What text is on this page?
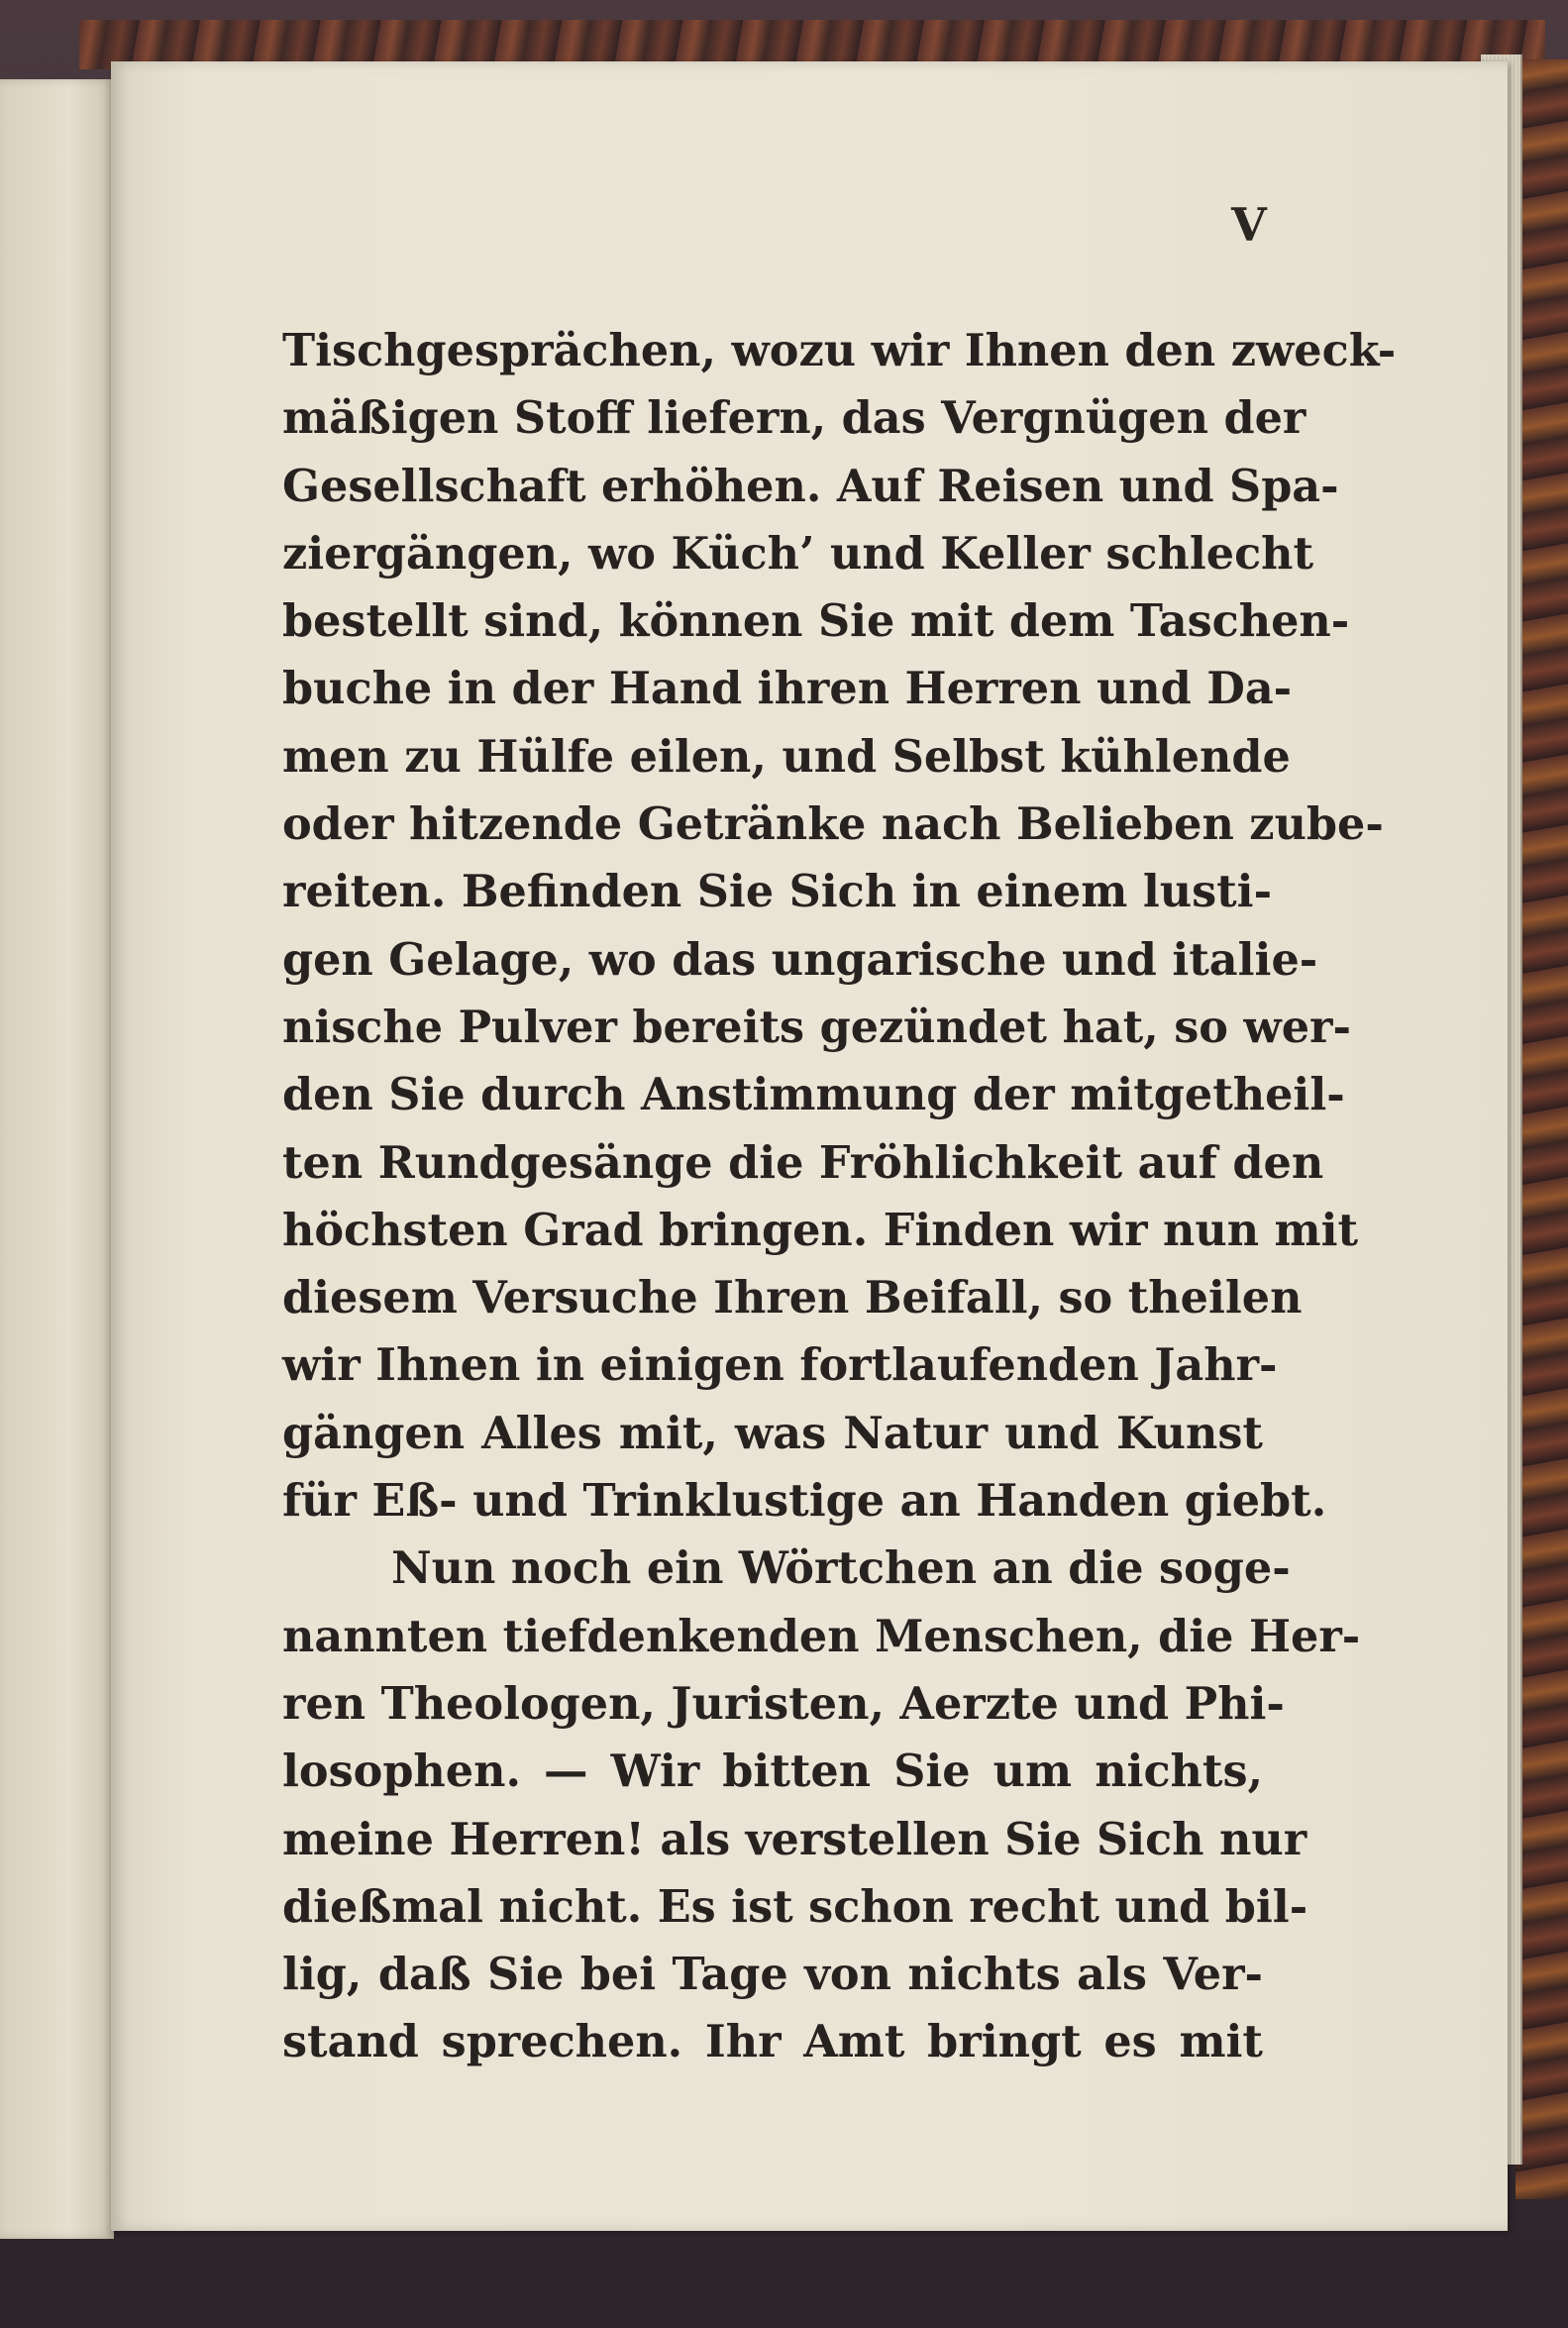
V
Tischgesprächen, wozu wir Ihnen den zweck-
mäßigen Stoff liefern, das Vergnügen der
Gesellschaft erhöhen. Auf Reisen und Spa-
ziergängen, wo Küch’ und Keller schlecht
bestellt sind, können Sie mit dem Taschen-
buche in der Hand ihren Herren und Da-
men zu Hülfe eilen, und Selbst kühlende
oder hitzende Getränke nach Belieben zube-
reiten. Befinden Sie Sich in einem lusti-
gen Gelage, wo das ungarische und italie-
nische Pulver bereits gezündet hat, so wer-
den Sie durch Anstimmung der mitgetheil-
ten Rundgesänge die Fröhlichkeit auf den
höchsten Grad bringen. Finden wir nun mit
diesem Versuche Ihren Beifall, so theilen
wir Ihnen in einigen fortlaufenden Jahr-
gängen Alles mit, was Natur und Kunst
für Eß- und Trinklustige an Handen giebt.
Nun noch ein Wörtchen an die soge-
nannten tiefdenkenden Menschen, die Her-
ren Theologen, Juristen, Aerzte und Phi-
losophen. — Wir bitten Sie um nichts,
meine Herren! als verstellen Sie Sich nur
dießmal nicht. Es ist schon recht und bil-
lig, daß Sie bei Tage von nichts als Ver-
stand sprechen. Ihr Amt bringt es mit
